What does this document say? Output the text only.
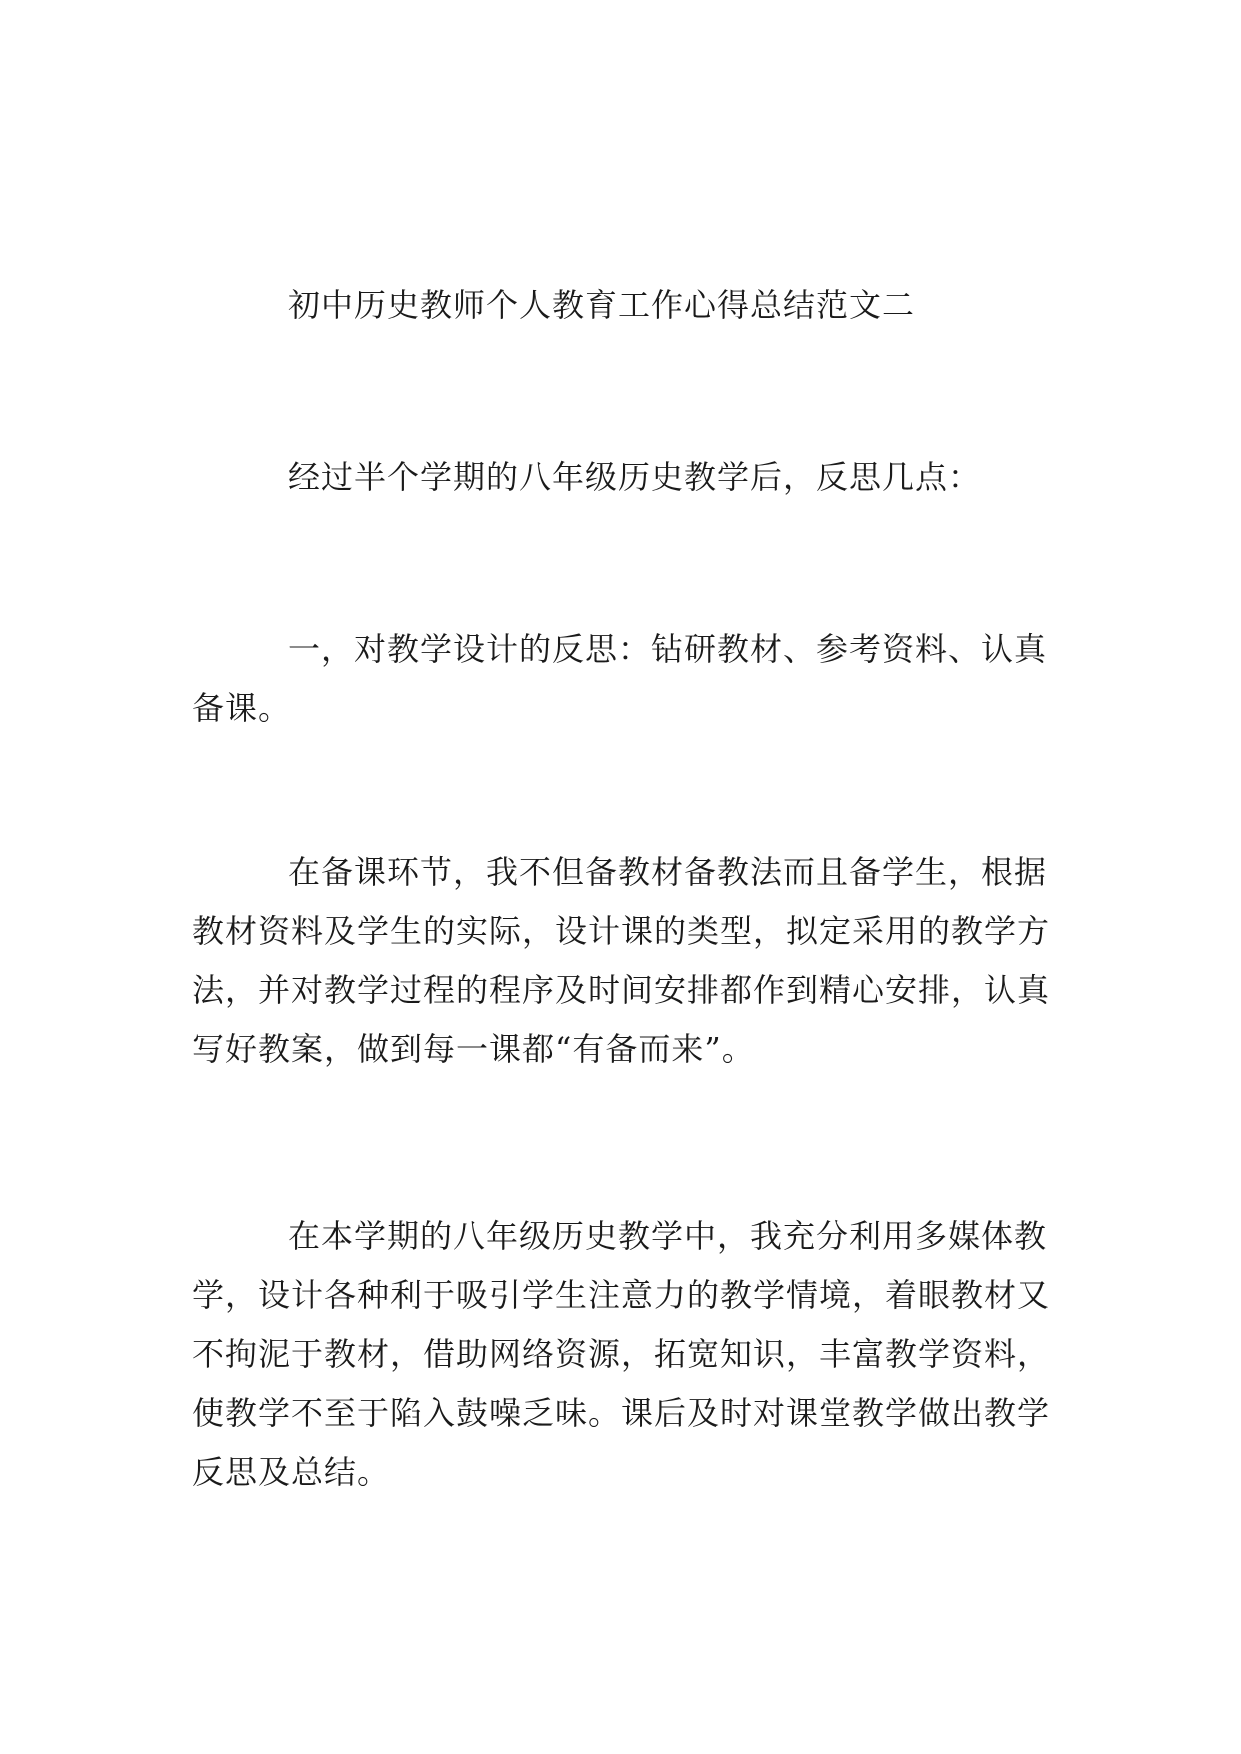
初中历史教师个人教育工作心得总结范文二

经过半个学期的八年级历史教学后，反思几点：

一，对教学设计的反思：钻研教材、参考资料、认真备课。

在备课环节，我不但备教材备教法而且备学生，根据教材资料及学生的实际，设计课的类型，拟定采用的教学方法，并对教学过程的程序及时间安排都作到精心安排，认真写好教案，做到每一课都“有备而来”。

在本学期的八年级历史教学中，我充分利用多媒体教学，设计各种利于吸引学生注意力的教学情境，着眼教材又不拘泥于教材，借助网络资源，拓宽知识，丰富教学资料，使教学不至于陷入鼓噪乏味。课后及时对课堂教学做出教学反思及总结。
